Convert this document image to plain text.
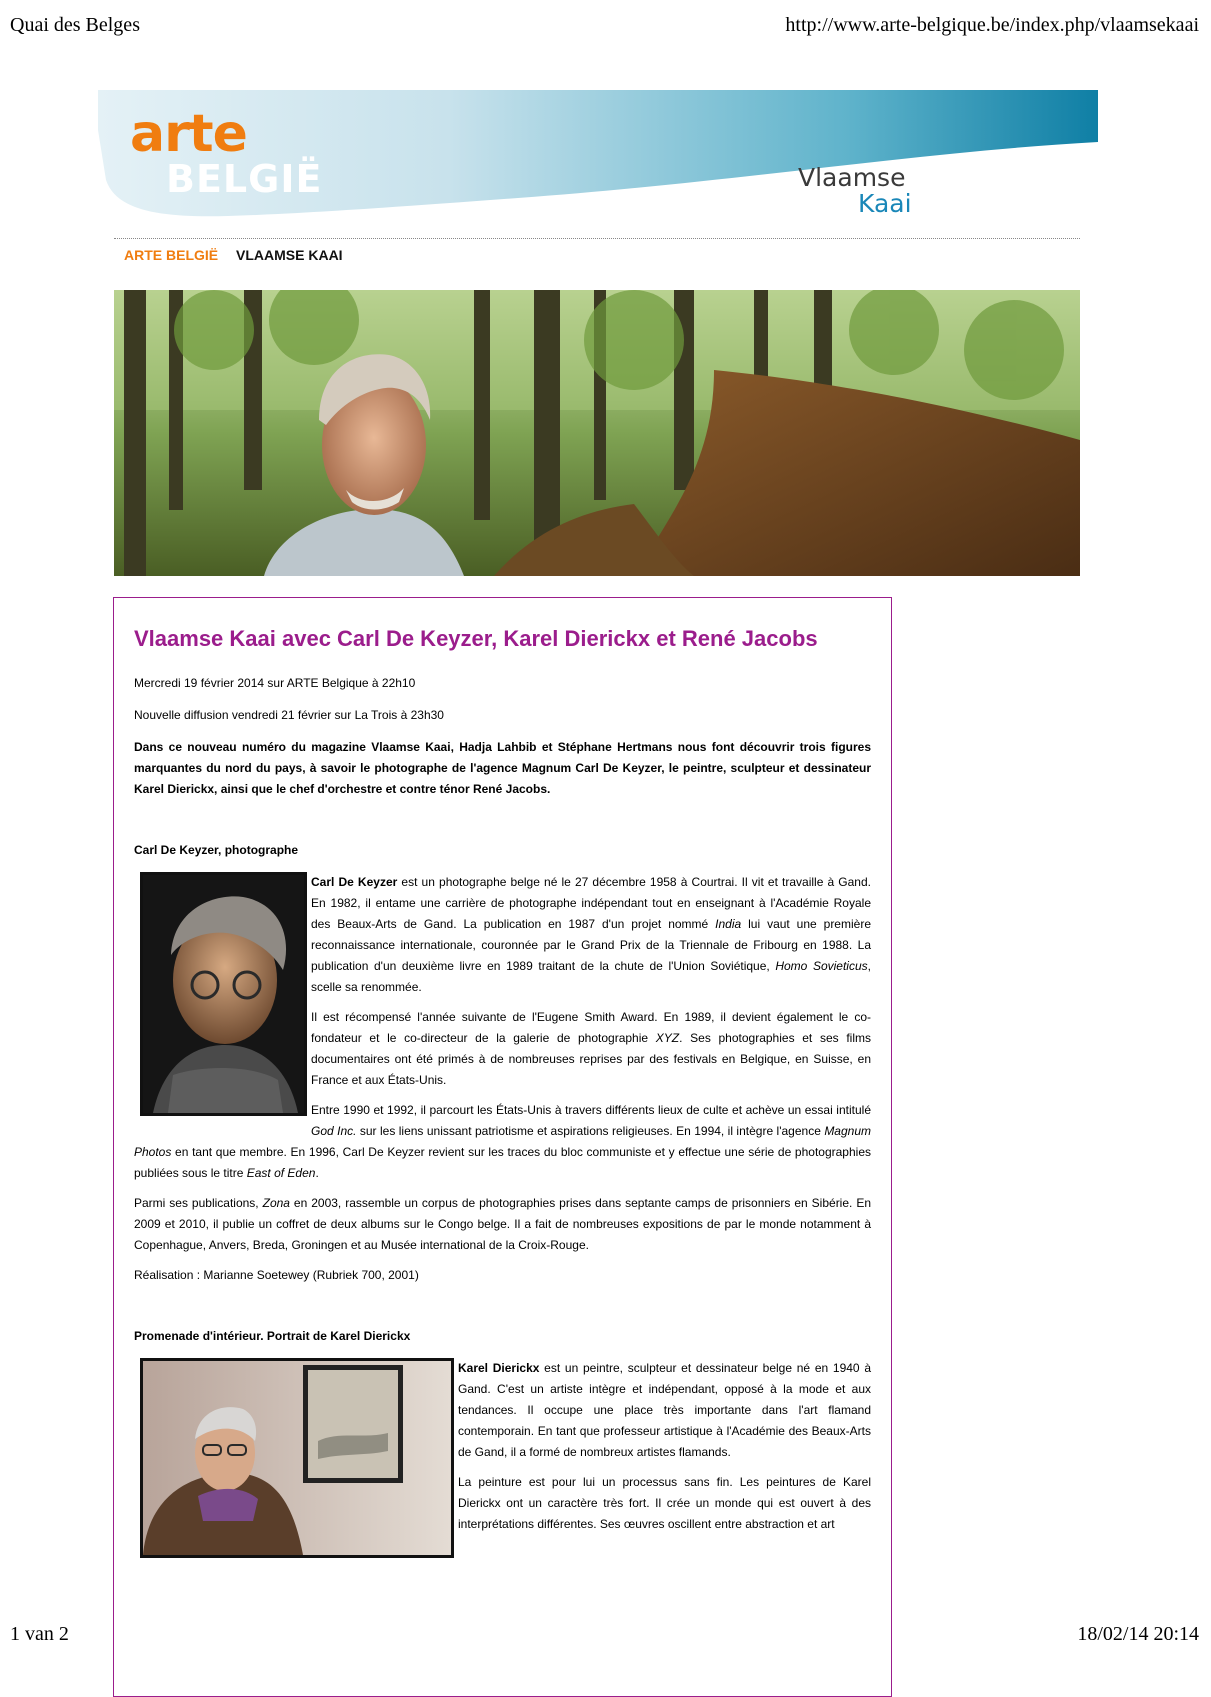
Quai des Belges	http://www.arte-belgique.be/index.php/vlaamsekaai
1 van 2	18/02/14 20:14
arte
BELGIË	Vlaamse
Kaai
ARTE BELGIË VLAAMSE KAAI
Vlaamse Kaai avec Carl De Keyzer, Karel Dierickx et René Jacobs

Mercredi 19 février 2014 sur ARTE Belgique à 22h10

Nouvelle diffusion vendredi 21 février sur La Trois à 23h30

Dans ce nouveau numéro du magazine Vlaamse Kaai, Hadja Lahbib et Stéphane Hertmans nous font découvrir trois figures marquantes du nord du pays, à savoir le photographe de l'agence Magnum Carl De Keyzer, le peintre, sculpteur et dessinateur Karel Dierickx, ainsi que le chef d'orchestre et contre ténor René Jacobs.

Carl De Keyzer, photographe

Carl De Keyzer est un photographe belge né le 27 décembre 1958 à Courtrai. Il vit et travaille à Gand. En 1982, il entame une carrière de photographe indépendant tout en enseignant à l'Académie Royale des Beaux-Arts de Gand. La publication en 1987 d'un projet nommé India lui vaut une première reconnaissance internationale, couronnée par le Grand Prix de la Triennale de Fribourg en 1988. La publication d'un deuxième livre en 1989 traitant de la chute de l'Union Soviétique, Homo Sovieticus, scelle sa renommée.

Il est récompensé l'année suivante de l'Eugene Smith Award. En 1989, il devient également le co-fondateur et le co-directeur de la galerie de photographie XYZ. Ses photographies et ses films documentaires ont été primés à de nombreuses reprises par des festivals en Belgique, en Suisse, en France et aux États-Unis.

Entre 1990 et 1992, il parcourt les États-Unis à travers différents lieux de culte et achève un essai intitulé God Inc. sur les liens unissant patriotisme et aspirations religieuses. En 1994, il intègre l'agence Magnum Photos en tant que membre. En 1996, Carl De Keyzer revient sur les traces du bloc communiste et y effectue une série de photographies publiées sous le titre East of Eden.

Parmi ses publications, Zona en 2003, rassemble un corpus de photographies prises dans septante camps de prisonniers en Sibérie. En 2009 et 2010, il publie un coffret de deux albums sur le Congo belge. Il a fait de nombreuses expositions de par le monde notamment à Copenhague, Anvers, Breda, Groningen et au Musée international de la Croix-Rouge.

Réalisation : Marianne Soetewey (Rubriek 700, 2001)

Promenade d'intérieur. Portrait de Karel Dierickx

Karel Dierickx est un peintre, sculpteur et dessinateur belge né en 1940 à Gand. C'est un artiste intègre et indépendant, opposé à la mode et aux tendances. Il occupe une place très importante dans l'art flamand contemporain. En tant que professeur artistique à l'Académie des Beaux-Arts de Gand, il a formé de nombreux artistes flamands.

La peinture est pour lui un processus sans fin. Les peintures de Karel Dierickx ont un caractère très fort. Il crée un monde qui est ouvert à des interprétations différentes. Ses œuvres oscillent entre abstraction et art
